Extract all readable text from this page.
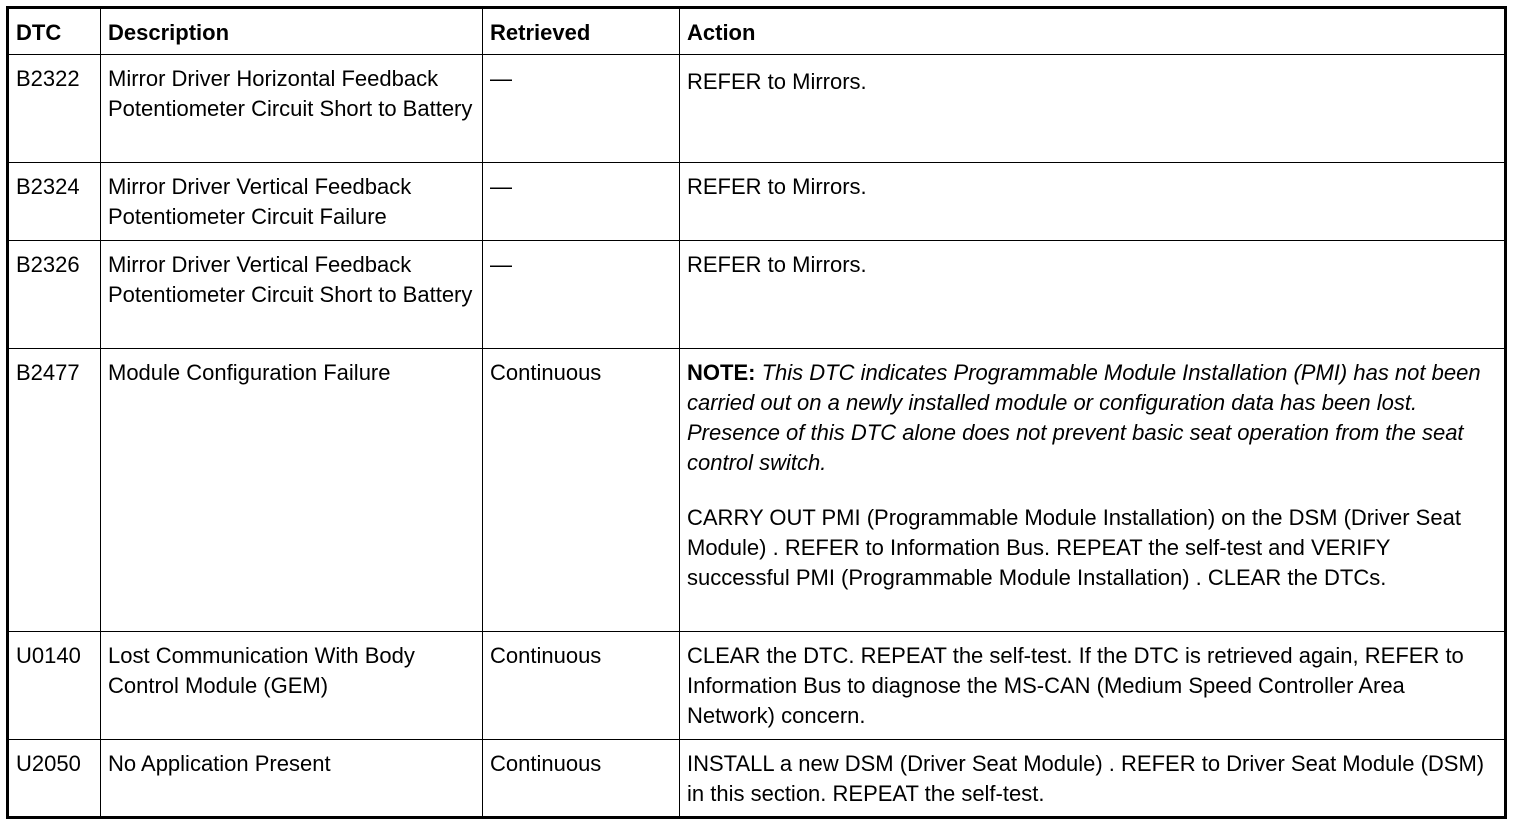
DTC	Description	Retrieved	Action
B2322	Mirror Driver Horizontal Feedback Potentiometer Circuit Short to Battery	—	REFER to Mirrors.
B2324	Mirror Driver Vertical Feedback Potentiometer Circuit Failure	—	REFER to Mirrors.
B2326	Mirror Driver Vertical Feedback Potentiometer Circuit Short to Battery	—	REFER to Mirrors.
B2477	Module Configuration Failure	Continuous	NOTE: This DTC indicates Programmable Module Installation (PMI) has not been carried out on a newly installed module or configuration data has been lost. Presence of this DTC alone does not prevent basic seat operation from the seat control switch.

CARRY OUT PMI (Programmable Module Installation) on the DSM (Driver Seat Module) . REFER to Information Bus. REPEAT the self-test and VERIFY successful PMI (Programmable Module Installation) . CLEAR the DTCs.

U0140	Lost Communication With Body Control Module (GEM)	Continuous	CLEAR the DTC. REPEAT the self-test. If the DTC is retrieved again, REFER to Information Bus to diagnose the MS-CAN (Medium Speed Controller Area Network) concern.
U2050	No Application Present	Continuous	INSTALL a new DSM (Driver Seat Module) . REFER to Driver Seat Module (DSM) in this section. REPEAT the self-test.
